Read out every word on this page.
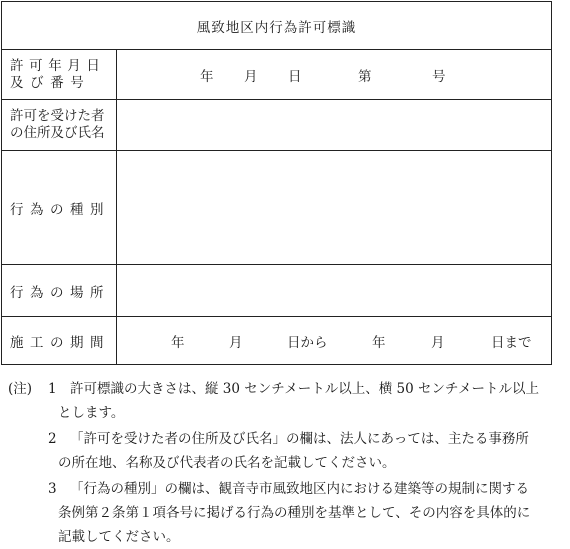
風致地区内行為許可標識
許可年月日
及び番号	年 月 日	第	号
許可を受けた者
の住所及び氏名
行為の種別
行為の場所
施工の期間	年	月	日から	年	月	日まで
(注) 1 許可標識の大きさは、縦 30 センチメートル以上、横 50 センチメートル以上
とします。
2 「許可を受けた者の住所及び氏名」の欄は、法人にあっては、主たる事務所
の所在地、名称及び代表者の氏名を記載してください。
3 「行為の種別」の欄は、観音寺市風致地区内における建築等の規制に関する
条例第２条第１項各号に掲げる行為の種別を基準として、その内容を具体的に
記載してください。
